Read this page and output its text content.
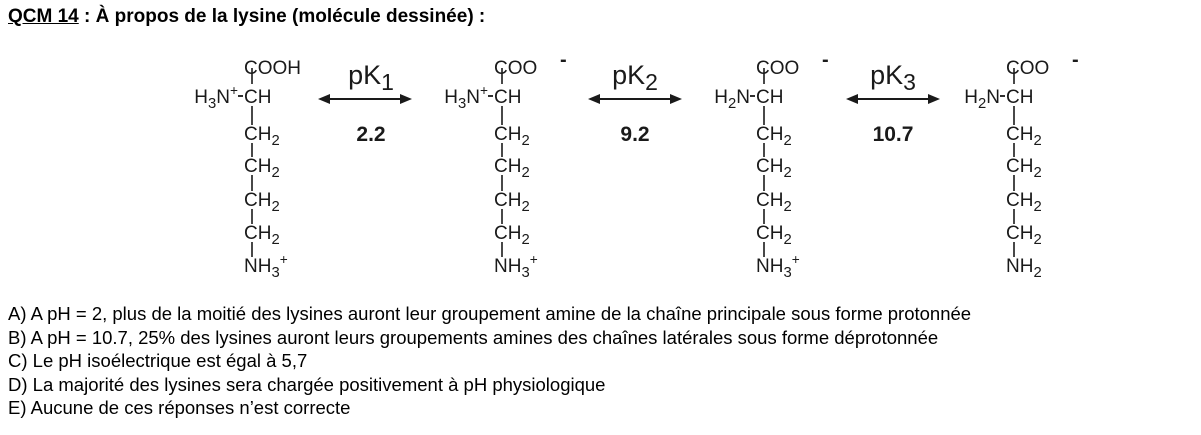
QCM 14 : À propos de la lysine (molécule dessinée) :
COOH
CH
$CH_2$
$CH_2$
$CH_2$
$CH_2$
$NH_3^+$
$H_3N^+$
COO -
CH
$CH_2$
$CH_2$
$CH_2$
$CH_2$
$NH_3^+$
$H_3N^+$
COO -
CH
$CH_2$
$CH_2$
$CH_2$
$CH_2$
$NH_3^+$
$H_2N$
COO -
CH
$CH_2$
$CH_2$
$CH_2$
$CH_2$
$NH_2$
$H_2N$
pK1
2.2
pK2
9.2
pK3
10.7
A) A pH = 2, plus de la moitié des lysines auront leur groupement amine de la chaîne principale sous forme protonnée
B) A pH = 10.7, 25% des lysines auront leurs groupements amines des chaînes latérales sous forme déprotonnée
C) Le pH isoélectrique est égal à 5,7
D) La majorité des lysines sera chargée positivement à pH physiologique
E) Aucune de ces réponses n’est correcte
